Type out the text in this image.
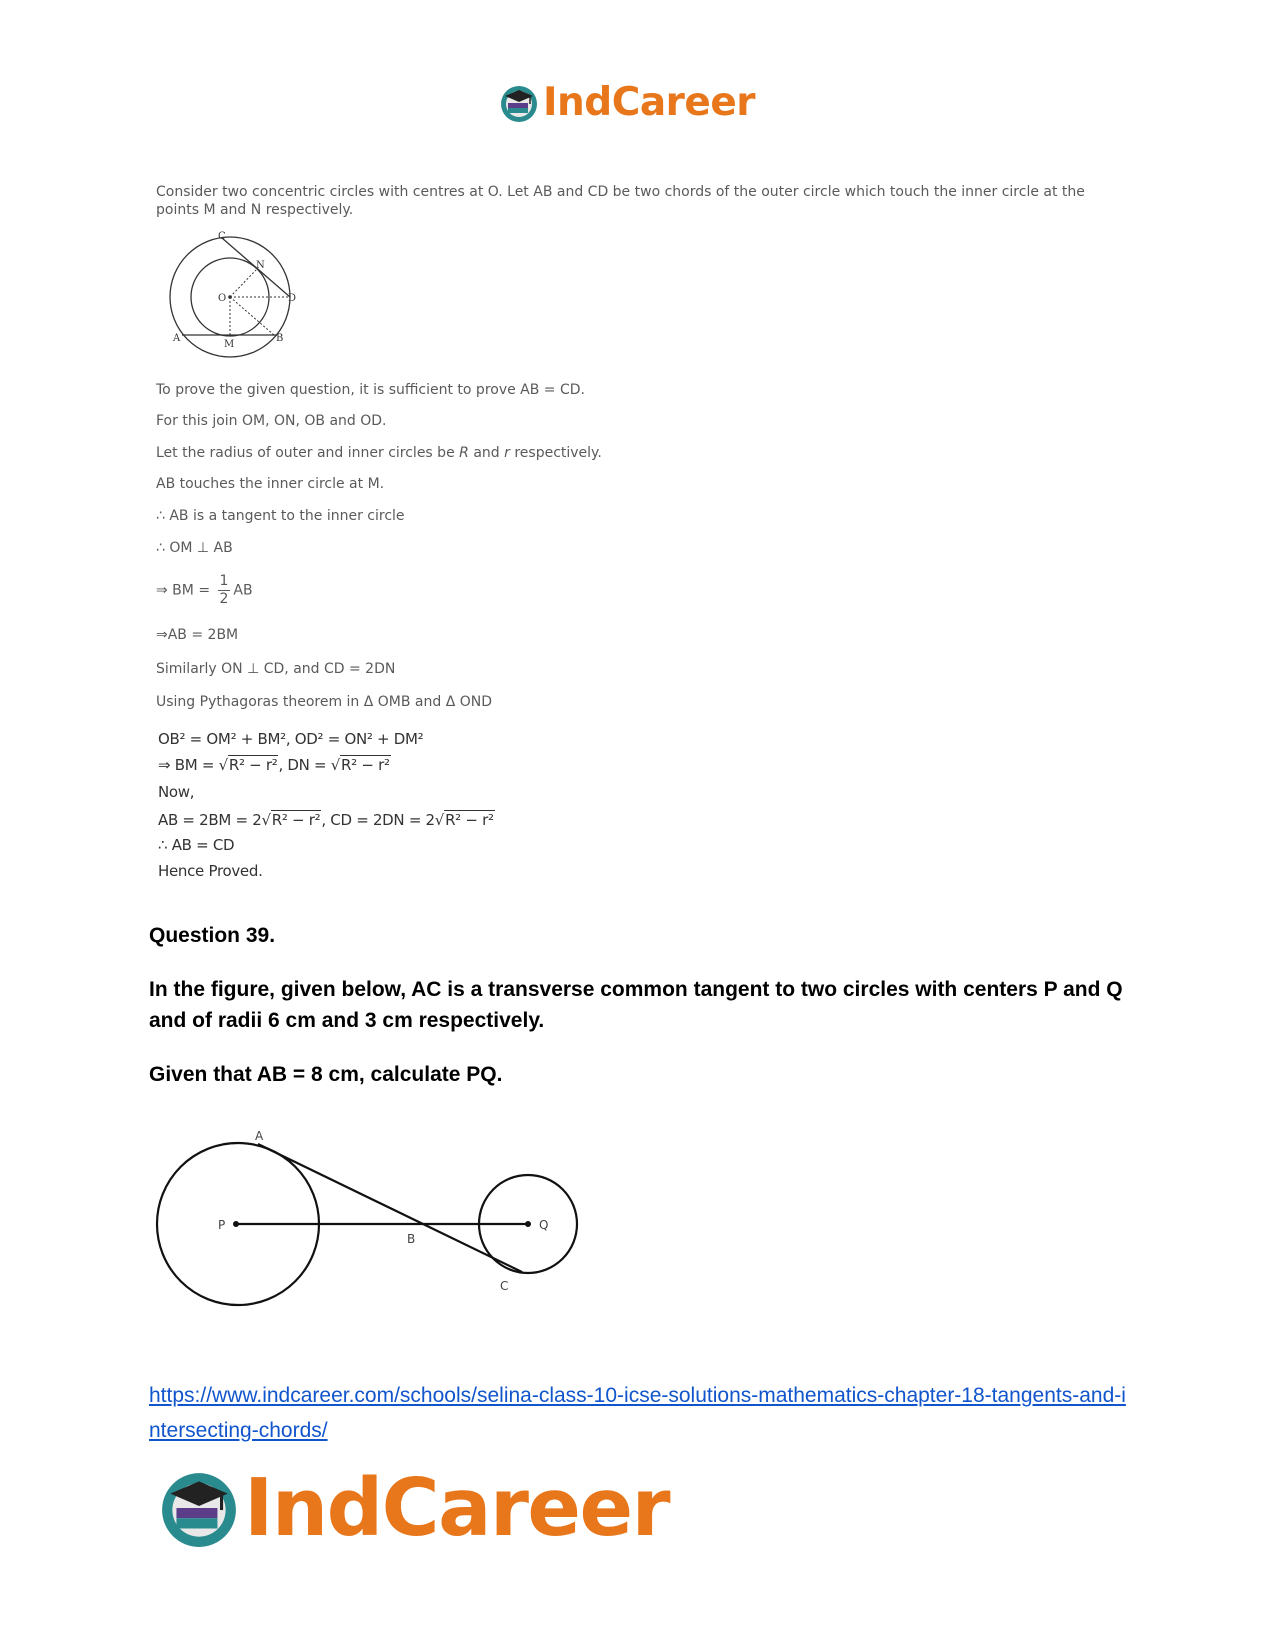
IndCareer
Consider two concentric circles with centres at O. Let AB and CD be two chords of the outer circle which touch the inner circle at the points M and N respectively.
C
N
O	D
A
M
B
To prove the given question, it is sufficient to prove AB = CD.
For this join OM, ON, OB and OD.
Let the radius of outer and inner circles be R and r respectively.
AB touches the inner circle at M.
∴ AB is a tangent to the inner circle
∴ OM ⊥ AB
⇒ BM = $\frac{1}{2}$ AB
⇒AB = 2BM
Similarly ON ⊥ CD, and CD = 2DN
Using Pythagoras theorem in Δ OMB and Δ OND
OB² = OM² + BM², OD² = ON² + DM²
⇒ BM = √R² − r², DN = √R² − r²
Now,
AB = 2BM = 2√R² − r², CD = 2DN = 2√R² − r²
∴ AB = CD
Hence Proved.
Question 39.
In the figure, given below, AC is a transverse common tangent to two circles with centers P and Q and of radii 6 cm and 3 cm respectively.
Given that AB = 8 cm, calculate PQ.
A
P
B
Q
C
https://www.indcareer.com/schools/selina-class-10-icse-solutions-mathematics-chapter-18-tangents-and-intersecting-chords/
IndCareer
